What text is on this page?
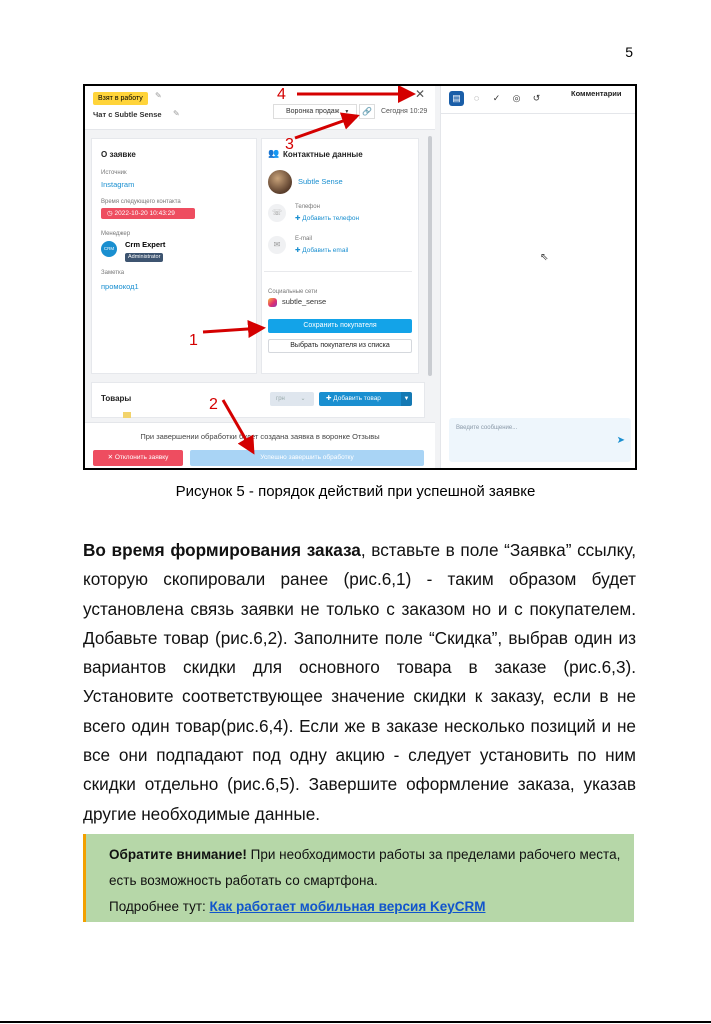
5
Взят в работу	✎
Чат с Subtle Sense ✎
✕
Воронка продаж ▼	🔗	Сегодня 10:29
О заявке
Источник
Instagram
Время следующего контакта
◷ 2022-10-20 10:43:29
Менеджер
CRM EXPERT
Crm Expert
Administrator
Заметка
промокод1
👥 Контактные данные
Subtle Sense
☏
Телефон
✚ Добавить телефон
✉
E-mail
✚ Добавить email
Социальные сети
subtle_sense
Сохранить покупателя
Выбрать покупателя из списка
Товары	грн	⌄	✚ Добавить товар	▼
При завершении обработки будет создана заявка в воронке Отзывы
✕ Отклонить заявку	Успешно завершить обработку
▤	◌	✓	◎	↺	Комментарии
⇖
Введите сообщение...
➤
1
2
3
4
Рисунок 5 - порядок действий при успешной заявке
Во время формирования заказа, вставьте в поле “Заявка” ссылку, которую скопировали ранее (рис.6,1) - таким образом будет установлена связь заявки не только с заказом но и с покупателем. Добавьте товар (рис.6,2). Заполните поле “Скидка”, выбрав один из вариантов скидки для основного товара в заказе (рис.6,3). Установите соответствующее значение скидки к заказу, если в не всего один товар(рис.6,4). Если же в заказе несколько позиций и не все они подпадают под одну акцию - следует установить по ним скидки отдельно (рис.6,5). Завершите оформление заказа, указав другие необходимые данные.
Обратите внимание! При необходимости работы за пределами рабочего места, есть возможность работать со смартфона.
Подробнее тут: Как работает мобильная версия KeyCRM
